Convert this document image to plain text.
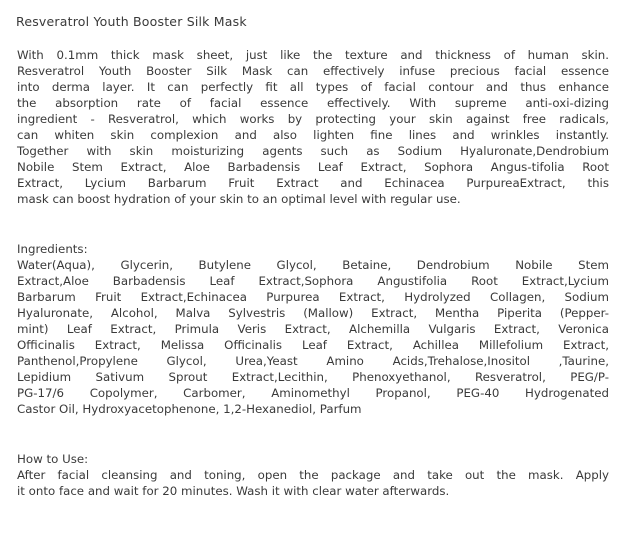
Resveratrol Youth Booster Silk Mask
With 0.1mm thick mask sheet, just like the texture and thickness of human skin.
Resveratrol Youth Booster Silk Mask can effectively infuse precious facial essence
into derma layer. It can perfectly fit all types of facial contour and thus enhance
the absorption rate of facial essence effectively. With supreme anti-oxi-dizing
ingredient - Resveratrol, which works by protecting your skin against free radicals,
can whiten skin complexion and also lighten fine lines and wrinkles instantly.
Together with skin moisturizing agents such as Sodium Hyaluronate,Dendrobium
Nobile Stem Extract, Aloe Barbadensis Leaf Extract, Sophora Angus-tifolia Root
Extract, Lycium Barbarum Fruit Extract and Echinacea PurpureaExtract, this
mask can boost hydration of your skin to an optimal level with regular use.
Ingredients:
Water(Aqua), Glycerin, Butylene Glycol, Betaine, Dendrobium Nobile Stem
Extract,Aloe Barbadensis Leaf Extract,Sophora Angustifolia Root Extract,Lycium
Barbarum Fruit Extract,Echinacea Purpurea Extract, Hydrolyzed Collagen, Sodium
Hyaluronate, Alcohol, Malva Sylvestris (Mallow) Extract, Mentha Piperita (Pepper-
mint) Leaf Extract, Primula Veris Extract, Alchemilla Vulgaris Extract, Veronica
Officinalis Extract, Melissa Officinalis Leaf Extract, Achillea Millefolium Extract,
Panthenol,Propylene Glycol, Urea,Yeast Amino Acids,Trehalose,Inositol ,Taurine,
Lepidium Sativum Sprout Extract,Lecithin, Phenoxyethanol, Resveratrol, PEG/P-
PG-17/6 Copolymer, Carbomer, Aminomethyl Propanol, PEG-40 Hydrogenated
Castor Oil, Hydroxyacetophenone, 1,2-Hexanediol, Parfum
How to Use:
After facial cleansing and toning, open the package and take out the mask. Apply
it onto face and wait for 20 minutes. Wash it with clear water afterwards.
